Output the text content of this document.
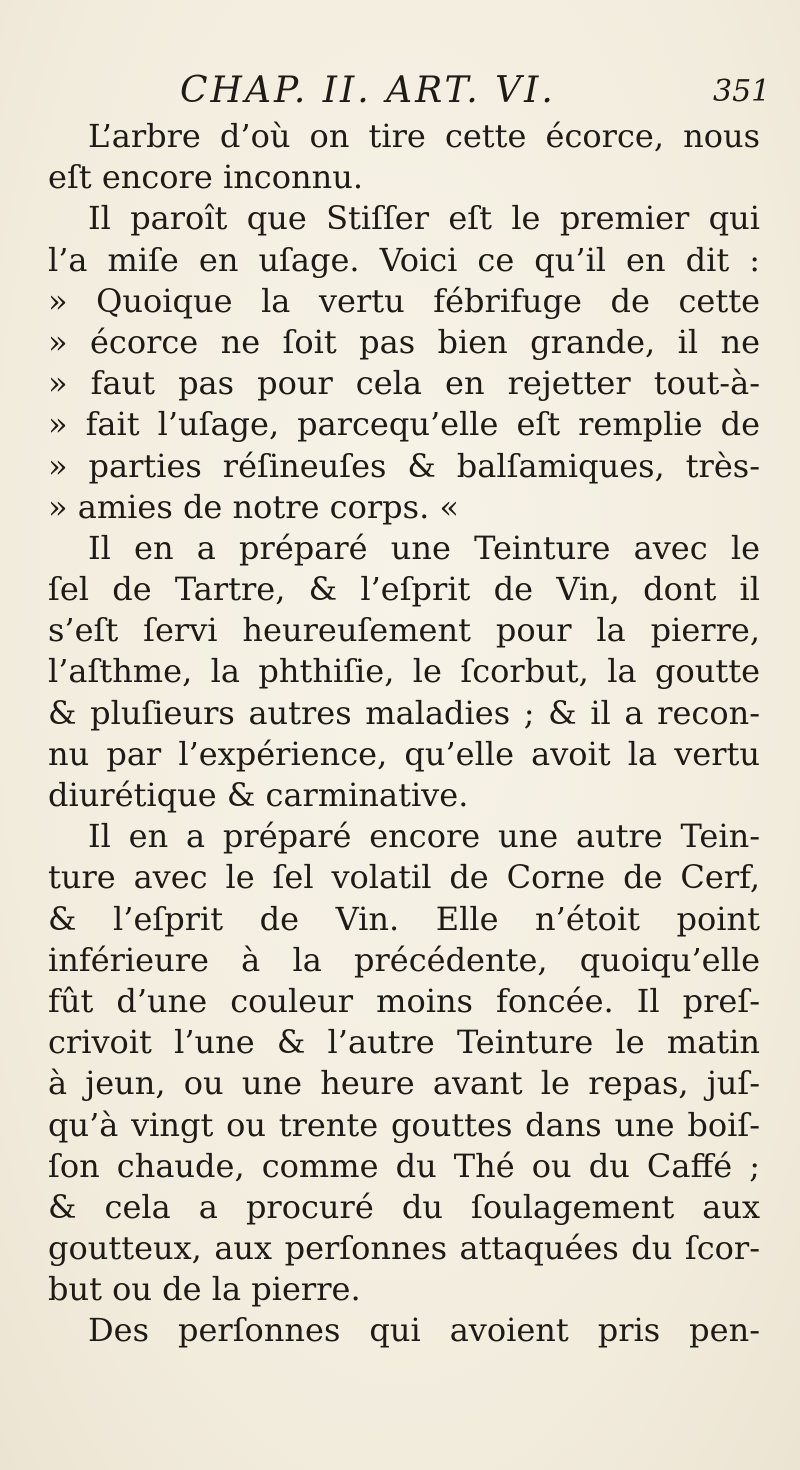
CHAP. II. ART. VI.	351
L’arbre d’où on tire cette écorce, nous
eſt encore inconnu.
Il paroît que Stiſſer eſt le premier qui
l’a miſe en uſage. Voici ce qu’il en dit :
» Quoique la vertu fébrifuge de cette
» écorce ne ſoit pas bien grande, il ne
» faut pas pour cela en rejetter tout-à-
» fait l’uſage, parcequ’elle eſt remplie de
» parties réſineuſes & balſamiques, très-
» amies de notre corps. «
Il en a préparé une Teinture avec le
ſel de Tartre, & l’eſprit de Vin, dont il
s’eſt ſervi heureuſement pour la pierre,
l’aſthme, la phthiſie, le ſcorbut, la goutte
& pluſieurs autres maladies ; & il a recon-
nu par l’expérience, qu’elle avoit la vertu
diurétique & carminative.
Il en a préparé encore une autre Tein-
ture avec le ſel volatil de Corne de Cerf,
& l’eſprit de Vin. Elle n’étoit point
inférieure à la précédente, quoiqu’elle
fût d’une couleur moins foncée. Il preſ-
crivoit l’une & l’autre Teinture le matin
à jeun, ou une heure avant le repas, juſ-
qu’à vingt ou trente gouttes dans une boiſ-
ſon chaude, comme du Thé ou du Caffé ;
& cela a procuré du ſoulagement aux
goutteux, aux perſonnes attaquées du ſcor-
but ou de la pierre.
Des perſonnes qui avoient pris pen-
